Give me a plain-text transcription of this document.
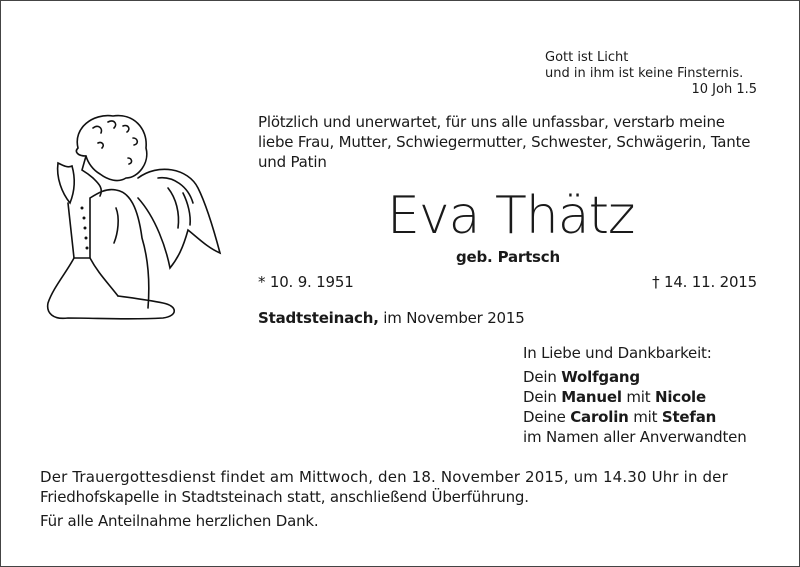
Gott ist Licht
und in ihm ist keine Finsternis.
10 Joh 1.5
Plötzlich und unerwartet, für uns alle unfassbar, verstarb meine
liebe Frau, Mutter, Schwiegermutter, Schwester, Schwägerin, Tante
und Patin
Eva Thätz
geb. Partsch
* 10. 9. 1951	† 14. 11. 2015
Stadtsteinach, im November 2015
In Liebe und Dankbarkeit:
Dein Wolfgang
Dein Manuel mit Nicole
Deine Carolin mit Stefan
im Namen aller Anverwandten
Der Trauergottesdienst findet am Mittwoch, den 18. November 2015, um 14.30 Uhr in der
Friedhofskapelle in Stadtsteinach statt, anschließend Überführung.
Für alle Anteilnahme herzlichen Dank.
